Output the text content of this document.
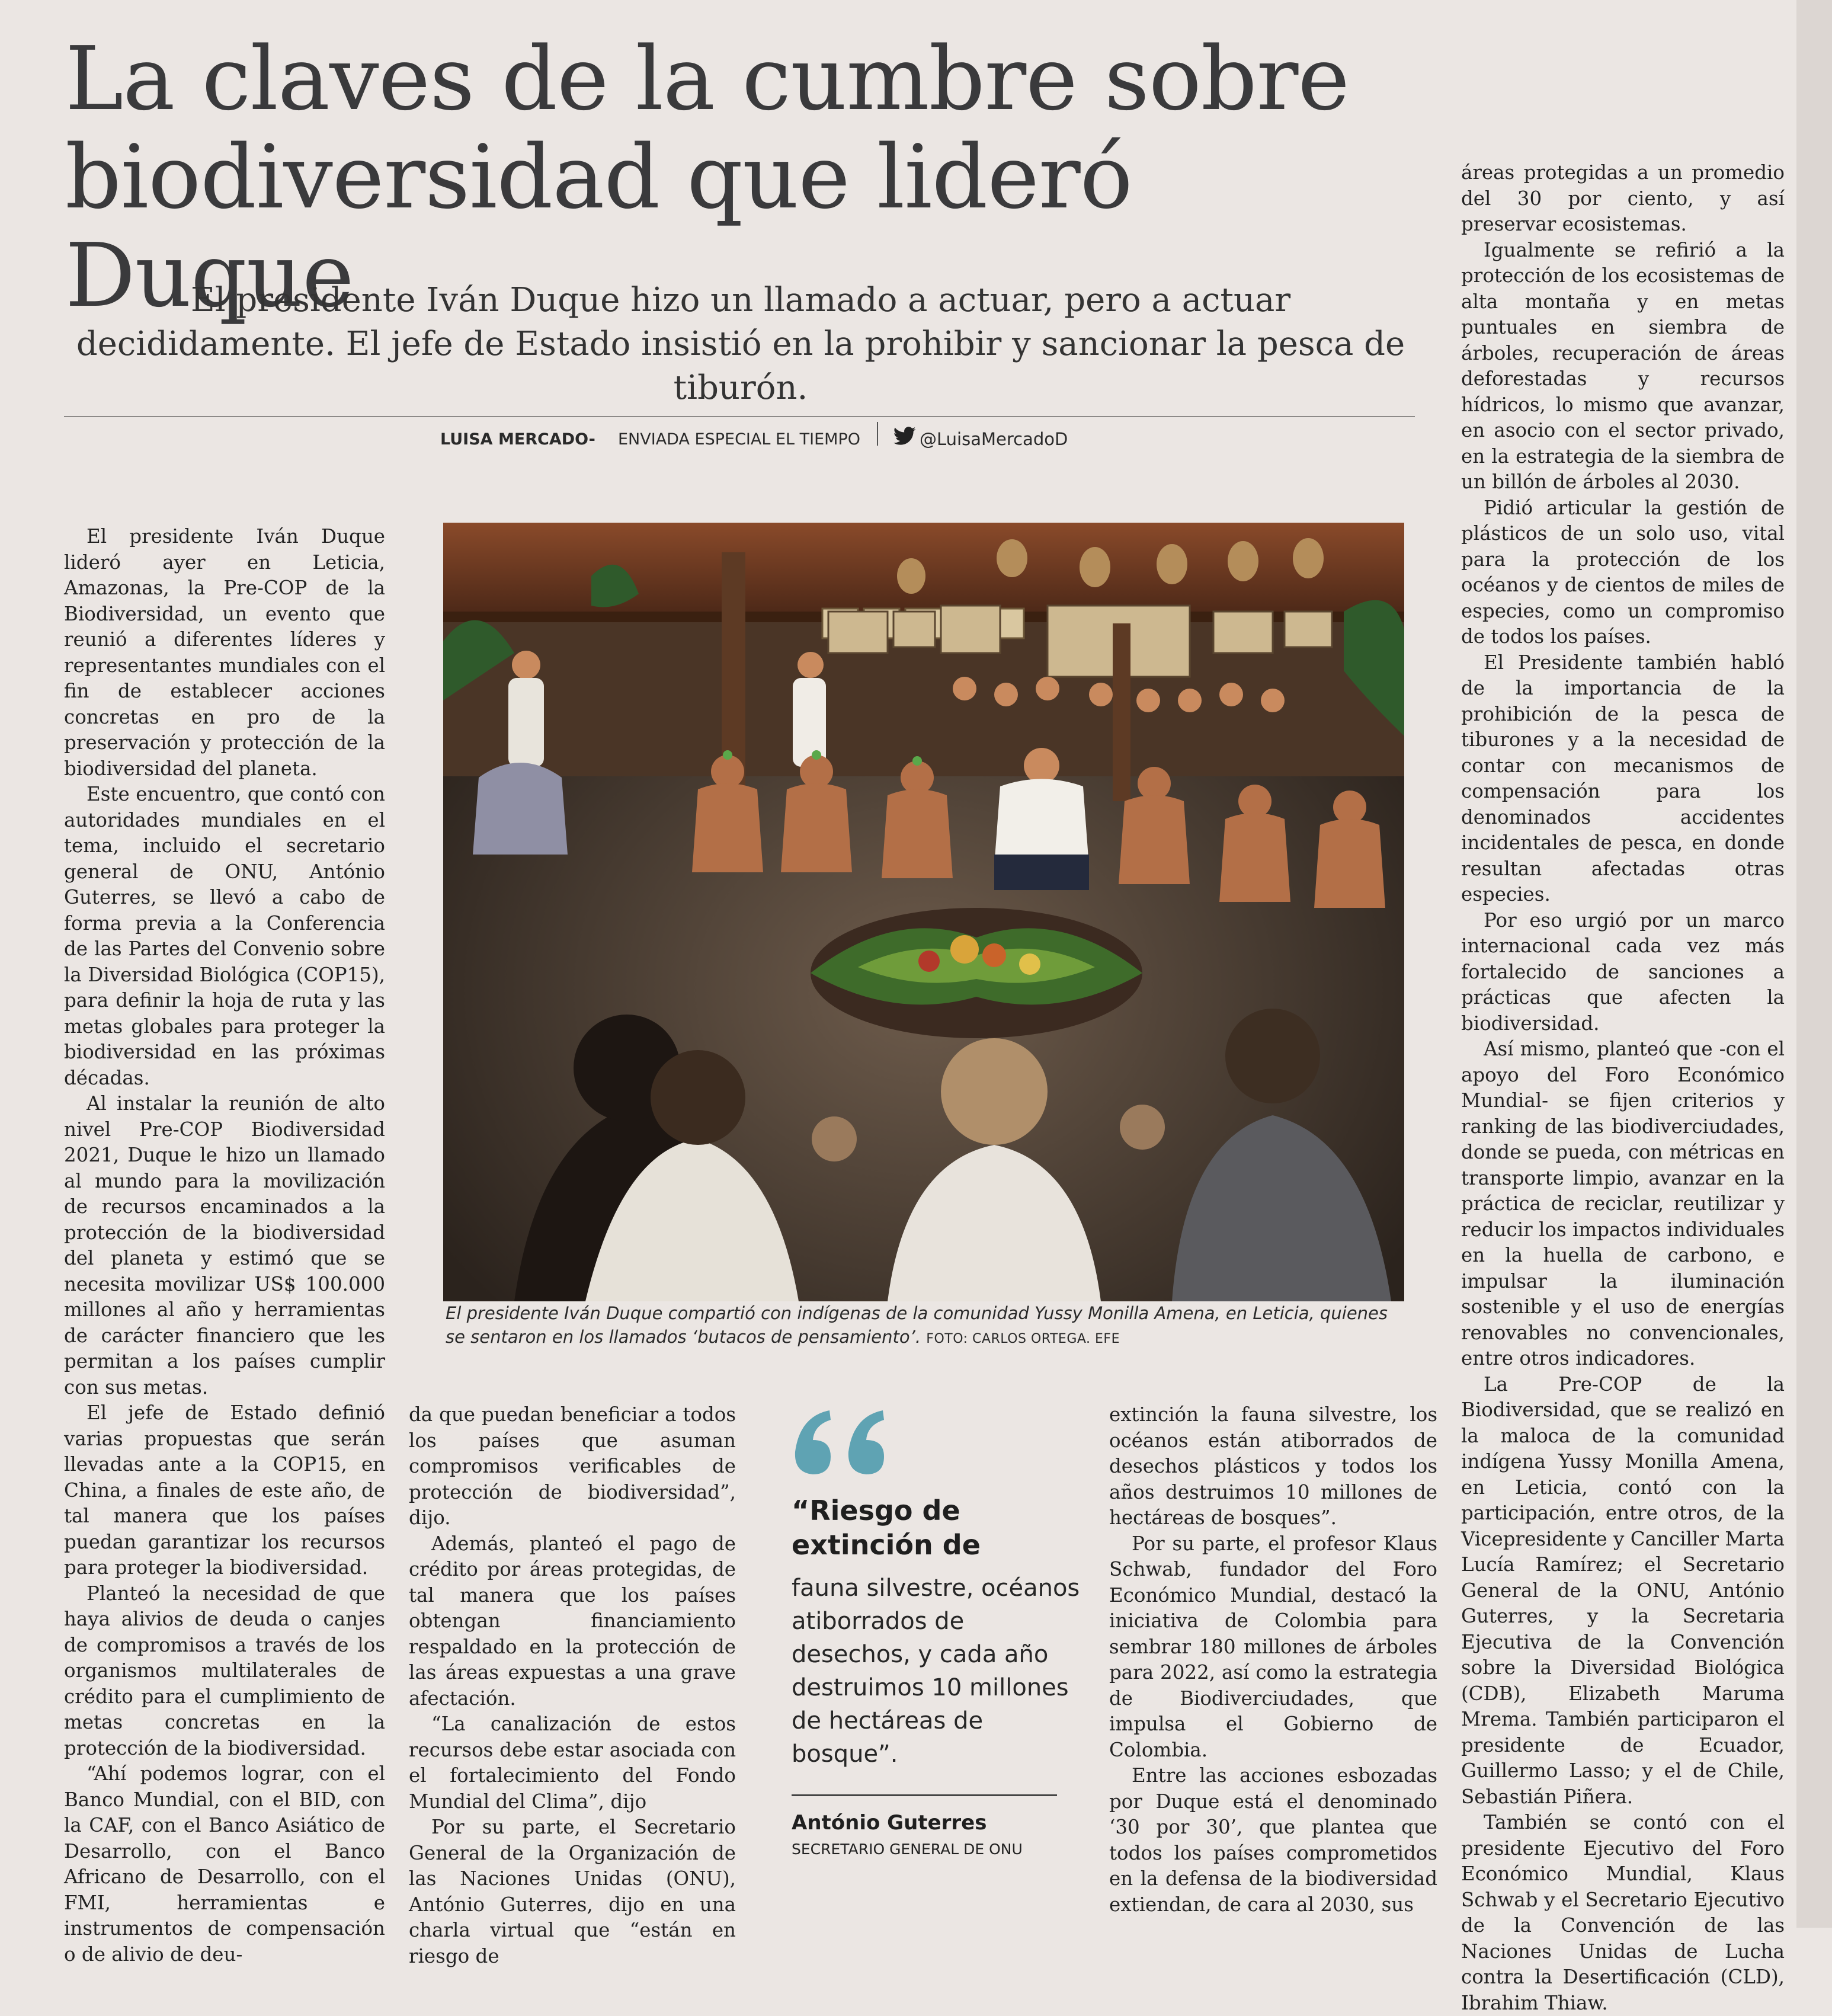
La claves de la cumbre sobre biodiversidad que lideró Duque
El presidente Iván Duque hizo un llamado a actuar, pero a actuar decididamente. El jefe de Estado insistió en la prohibir y sancionar la pesca de tiburón.
LUISA MERCADO- ENVIADA ESPECIAL EL TIEMPO	@LuisaMercadoD

El presidente Iván Duque lideró ayer en Leticia, Amazonas, la Pre-COP de la Biodiversidad, un evento que reunió a diferentes líderes y representantes mundiales con el fin de establecer acciones concretas en pro de la preservación y protección de la biodiversidad del planeta.

Este encuentro, que contó con autoridades mundiales en el tema, incluido el secretario general de ONU, António Guterres, se llevó a cabo de forma previa a la Conferencia de las Partes del Convenio sobre la Diversidad Biológica (COP15), para definir la hoja de ruta y las metas globales para proteger la biodiversidad en las próximas décadas.

Al instalar la reunión de alto nivel Pre-COP Biodiversidad 2021, Duque le hizo un llamado al mundo para la movilización de recursos encaminados a la protección de la biodiversidad del planeta y estimó que se necesita movilizar US$ 100.000 millones al año y herramientas de carácter financiero que les permitan a los países cumplir con sus metas.

El jefe de Estado definió varias propuestas que serán llevadas ante a la COP15, en China, a finales de este año, de tal manera que los países puedan garantizar los recursos para proteger la biodiversidad.

Planteó la necesidad de que haya alivios de deuda o canjes de compromisos a través de los organismos multilaterales de crédito para el cumplimiento de metas concretas en la protección de la biodiversidad.

“Ahí podemos lograr, con el Banco Mundial, con el BID, con la CAF, con el Banco Asiático de Desarrollo, con el Banco Africano de Desarrollo, con el FMI, herramientas e instrumentos de compensación o de alivio de deu-

El presidente Iván Duque compartió con indígenas de la comunidad Yussy Monilla Amena, en Leticia, quienes se sentaron en los llamados ‘butacos de pensamiento’. FOTO: CARLOS ORTEGA. EFE

da que puedan beneficiar a todos los países que asuman compromisos verificables de protección de biodiversidad”, dijo.

Además, planteó el pago de crédito por áreas protegidas, de tal manera que los países obtengan financiamiento respaldado en la protección de las áreas expuestas a una grave afectación.

“La canalización de estos recursos debe estar asociada con el fortalecimiento del Fondo Mundial del Clima”, dijo

Por su parte, el Secretario General de la Organización de las Naciones Unidas (ONU), António Guterres, dijo en una charla virtual que “están en riesgo de

“Riesgo de extinción de
fauna silvestre, océanos atiborrados de desechos, y cada año destruimos 10 millones de hectáreas de bosque”.
António Guterres
SECRETARIO GENERAL DE ONU

extinción la fauna silvestre, los océanos están atiborrados de desechos plásticos y todos los años destruimos 10 millones de hectáreas de bosques”.

Por su parte, el profesor Klaus Schwab, fundador del Foro Económico Mundial, destacó la iniciativa de Colombia para sembrar 180 millones de árboles para 2022, así como la estrategia de Biodiverciudades, que impulsa el Gobierno de Colombia.

Entre las acciones esbozadas por Duque está el denominado ‘30 por 30’, que plantea que todos los países comprometidos en la defensa de la biodiversidad extiendan, de cara al 2030, sus

áreas protegidas a un promedio del 30 por ciento, y así preservar ecosistemas.

Igualmente se refirió a la protección de los ecosistemas de alta montaña y en metas puntuales en siembra de árboles, recuperación de áreas deforestadas y recursos hídricos, lo mismo que avanzar, en asocio con el sector privado, en la estrategia de la siembra de un billón de árboles al 2030.

Pidió articular la gestión de plásticos de un solo uso, vital para la protección de los océanos y de cientos de miles de especies, como un compromiso de todos los países.

El Presidente también habló de la importancia de la prohibición de la pesca de tiburones y a la necesidad de contar con mecanismos de compensación para los denominados accidentes incidentales de pesca, en donde resultan afectadas otras especies.

Por eso urgió por un marco internacional cada vez más fortalecido de sanciones a prácticas que afecten la biodiversidad.

Así mismo, planteó que -con el apoyo del Foro Económico Mundial- se fijen criterios y ranking de las biodiverciudades, donde se pueda, con métricas en transporte limpio, avanzar en la práctica de reciclar, reutilizar y reducir los impactos individuales en la huella de carbono, e impulsar la iluminación sostenible y el uso de energías renovables no convencionales, entre otros indicadores.

La Pre-COP de la Biodiversidad, que se realizó en la maloca de la comunidad indígena Yussy Monilla Amena, en Leticia, contó con la participación, entre otros, de la Vicepresidente y Canciller Marta Lucía Ramírez; el Secretario General de la ONU, António Guterres, y la Secretaria Ejecutiva de la Convención sobre la Diversidad Biológica (CDB), Elizabeth Maruma Mrema. También participaron el presidente de Ecuador, Guillermo Lasso; y el de Chile, Sebastián Piñera.

También se contó con el presidente Ejecutivo del Foro Económico Mundial, Klaus Schwab y el Secretario Ejecutivo de la Convención de las Naciones Unidas de Lucha contra la Desertificación (CLD), Ibrahim Thiaw.
